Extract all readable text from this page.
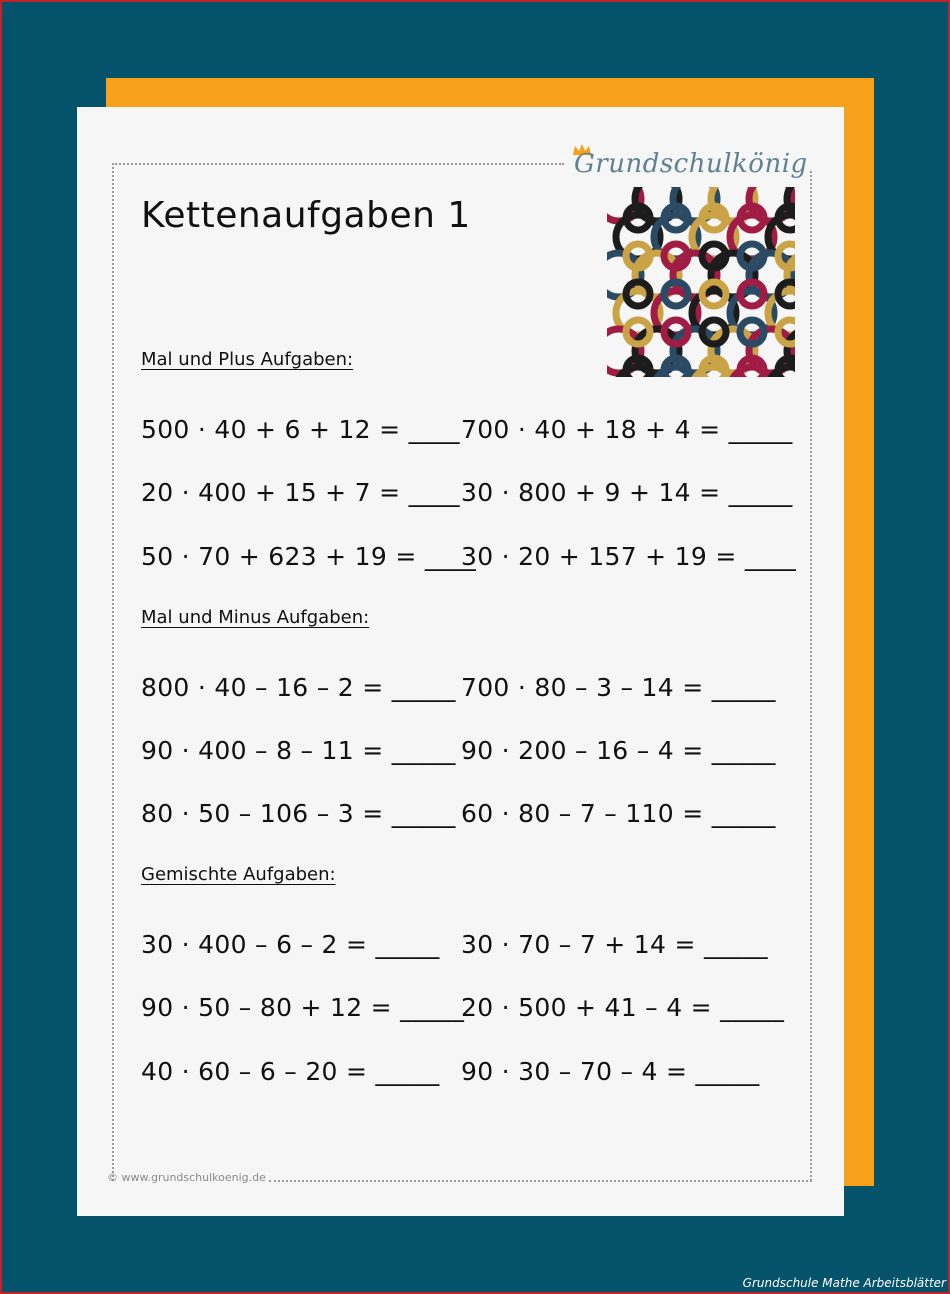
Grundschulkönig
Kettenaufgaben 1
Mal und Plus Aufgaben:
500 · 40 + 6 + 12 = ____ 700 · 40 + 18 + 4 = _____
20 · 400 + 15 + 7 = ____ 30 · 800 + 9 + 14 = _____
50 · 70 + 623 + 19 = ____
30 · 20 + 157 + 19 = ____
Mal und Minus Aufgaben:
800 · 40 – 16 – 2 = _____ 700 · 80 – 3 – 14 = _____
90 · 400 – 8 – 11 = _____ 90 · 200 – 16 – 4 = _____
80 · 50 – 106 – 3 = _____ 60 · 80 – 7 – 110 = _____
Gemischte Aufgaben:
30 · 400 – 6 – 2 = _____ 30 · 70 – 7 + 14 = _____
90 · 50 – 80 + 12 = _____
20 · 500 + 41 – 4 = _____
40 · 60 – 6 – 20 = _____ 90 · 30 – 70 – 4 = _____
© www.grundschulkoenig.de
Grundschule Mathe Arbeitsblätter
